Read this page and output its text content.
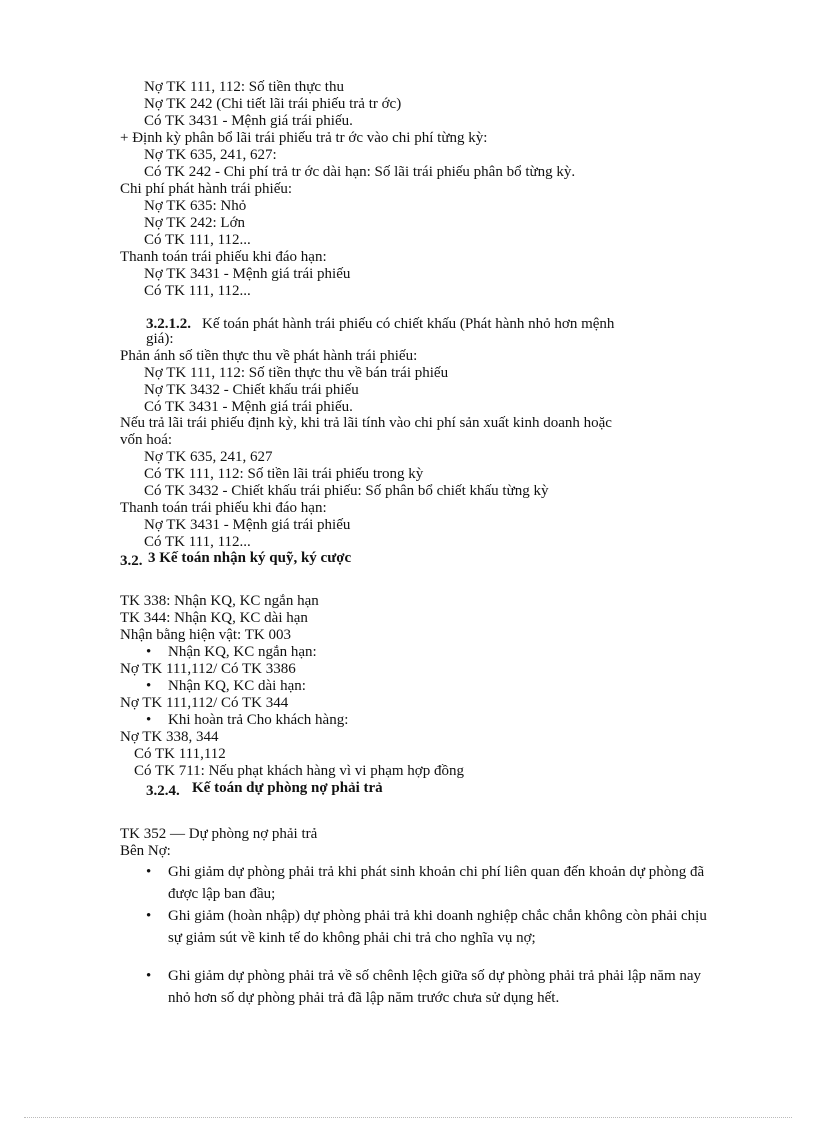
Nợ TK 111, 112: Số tiền thực thu
Nợ TK 242 (Chi tiết lãi trái phiếu trả tr ớc)
Có TK 3431 - Mệnh giá trái phiếu.
+ Định kỳ phân bổ lãi trái phiếu trả tr ớc vào chi phí từng kỳ:
Nợ TK 635, 241, 627:
Có TK 242 - Chi phí trả tr ớc dài hạn: Số lãi trái phiếu phân bổ từng kỳ.
Chi phí phát hành trái phiếu:
Nợ TK 635: Nhỏ
Nợ TK 242: Lớn
Có TK 111, 112...
Thanh toán trái phiếu khi đáo hạn:
Nợ TK 3431 - Mệnh giá trái phiếu
Có TK 111, 112...
3.2.1.2. Kế toán phát hành trái phiếu có chiết khấu (Phát hành nhỏ hơn mệnh
giá):
Phản ánh số tiền thực thu về phát hành trái phiếu:
Nợ TK 111, 112: Số tiền thực thu về bán trái phiếu
Nợ TK 3432 - Chiết khấu trái phiếu
Có TK 3431 - Mệnh giá trái phiếu.
Nếu trả lãi trái phiếu định kỳ, khi trả lãi tính vào chi phí sản xuất kinh doanh hoặc
vốn hoá:
Nợ TK 635, 241, 627
Có TK 111, 112: Số tiền lãi trái phiếu trong kỳ
Có TK 3432 - Chiết khấu trái phiếu: Số phân bổ chiết khấu từng kỳ
Thanh toán trái phiếu khi đáo hạn:
Nợ TK 3431 - Mệnh giá trái phiếu
Có TK 111, 112...
3.2. 3 Kế toán nhận ký quỹ, ký cược
TK 338: Nhận KQ, KC ngắn hạn
TK 344: Nhận KQ, KC dài hạn
Nhận bằng hiện vật: TK 003
• Nhận KQ, KC ngắn hạn:
Nợ TK 111,112/ Có TK 3386
• Nhận KQ, KC dài hạn:
Nợ TK 111,112/ Có TK 344
• Khi hoàn trả Cho khách hàng:
Nợ TK 338, 344
Có TK 111,112
Có TK 711: Nếu phạt khách hàng vì vi phạm hợp đồng
3.2.4. Kế toán dự phòng nợ phải trả
TK 352 — Dự phòng nợ phải trả
Bên Nợ:
• Ghi giảm dự phòng phải trả khi phát sinh khoản chi phí liên quan đến khoản dự phòng đã được lập ban đầu;
• Ghi giảm (hoàn nhập) dự phòng phải trả khi doanh nghiệp chắc chắn không còn phải chịu sự giảm sút về kinh tế do không phải chi trả cho nghĩa vụ nợ;
• Ghi giảm dự phòng phải trả về số chênh lệch giữa số dự phòng phải trả phải lập năm nay nhỏ hơn số dự phòng phải trả đã lập năm trước chưa sử dụng hết.
